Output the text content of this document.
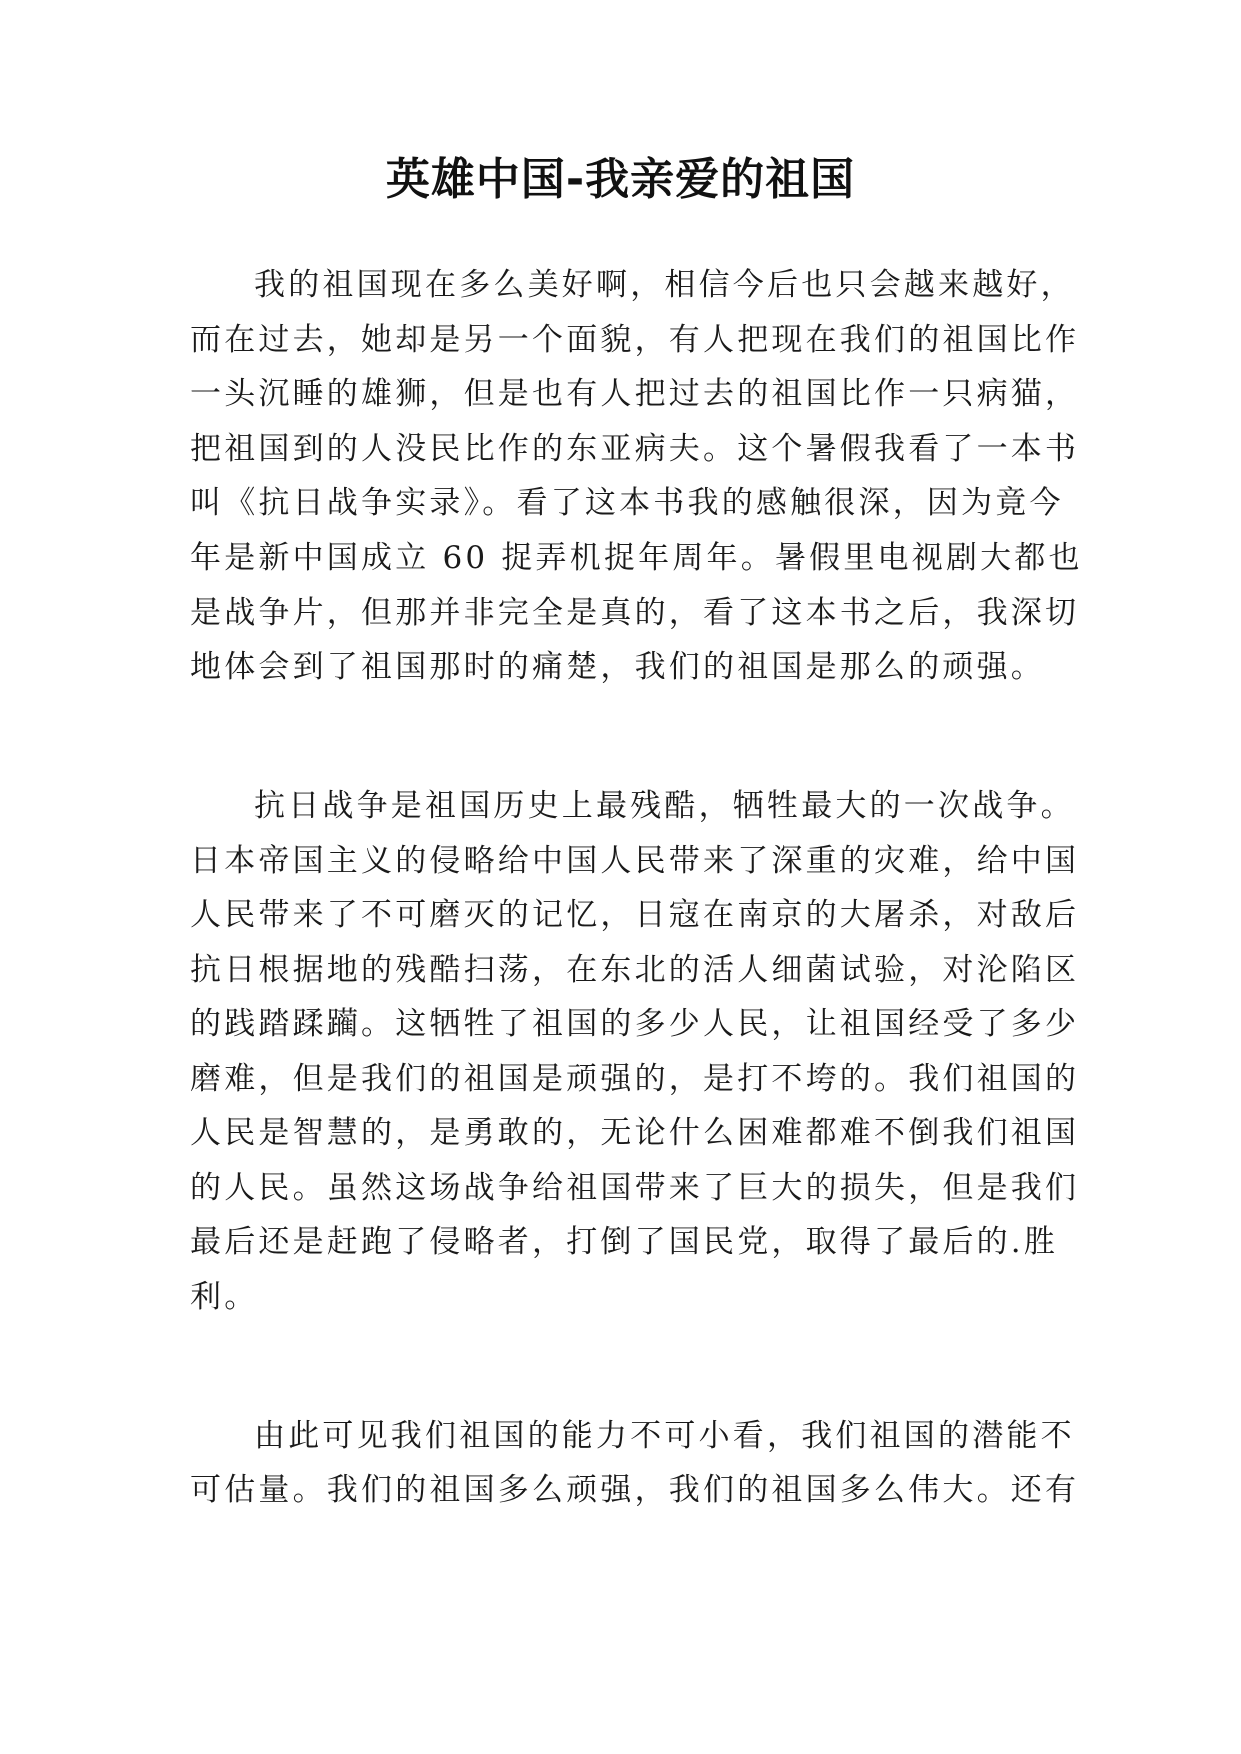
英雄中国-我亲爱的祖国
我的祖国现在多么美好啊，相信今后也只会越来越好，
而在过去，她却是另一个面貌，有人把现在我们的祖国比作
一头沉睡的雄狮，但是也有人把过去的祖国比作一只病猫，
把祖国到的人没民比作的东亚病夫。这个暑假我看了一本书
叫《抗日战争实录》。看了这本书我的感触很深，因为竟今
年是新中国成立 60 捉弄机捉年周年。暑假里电视剧大都也
是战争片，但那并非完全是真的，看了这本书之后，我深切
地体会到了祖国那时的痛楚，我们的祖国是那么的顽强。
抗日战争是祖国历史上最残酷，牺牲最大的一次战争。
日本帝国主义的侵略给中国人民带来了深重的灾难，给中国
人民带来了不可磨灭的记忆，日寇在南京的大屠杀，对敌后
抗日根据地的残酷扫荡，在东北的活人细菌试验，对沦陷区
的践踏蹂躏。这牺牲了祖国的多少人民，让祖国经受了多少
磨难，但是我们的祖国是顽强的，是打不垮的。我们祖国的
人民是智慧的，是勇敢的，无论什么困难都难不倒我们祖国
的人民。虽然这场战争给祖国带来了巨大的损失，但是我们
最后还是赶跑了侵略者，打倒了国民党，取得了最后的.胜
利。
由此可见我们祖国的能力不可小看，我们祖国的潜能不
可估量。我们的祖国多么顽强，我们的祖国多么伟大。还有
